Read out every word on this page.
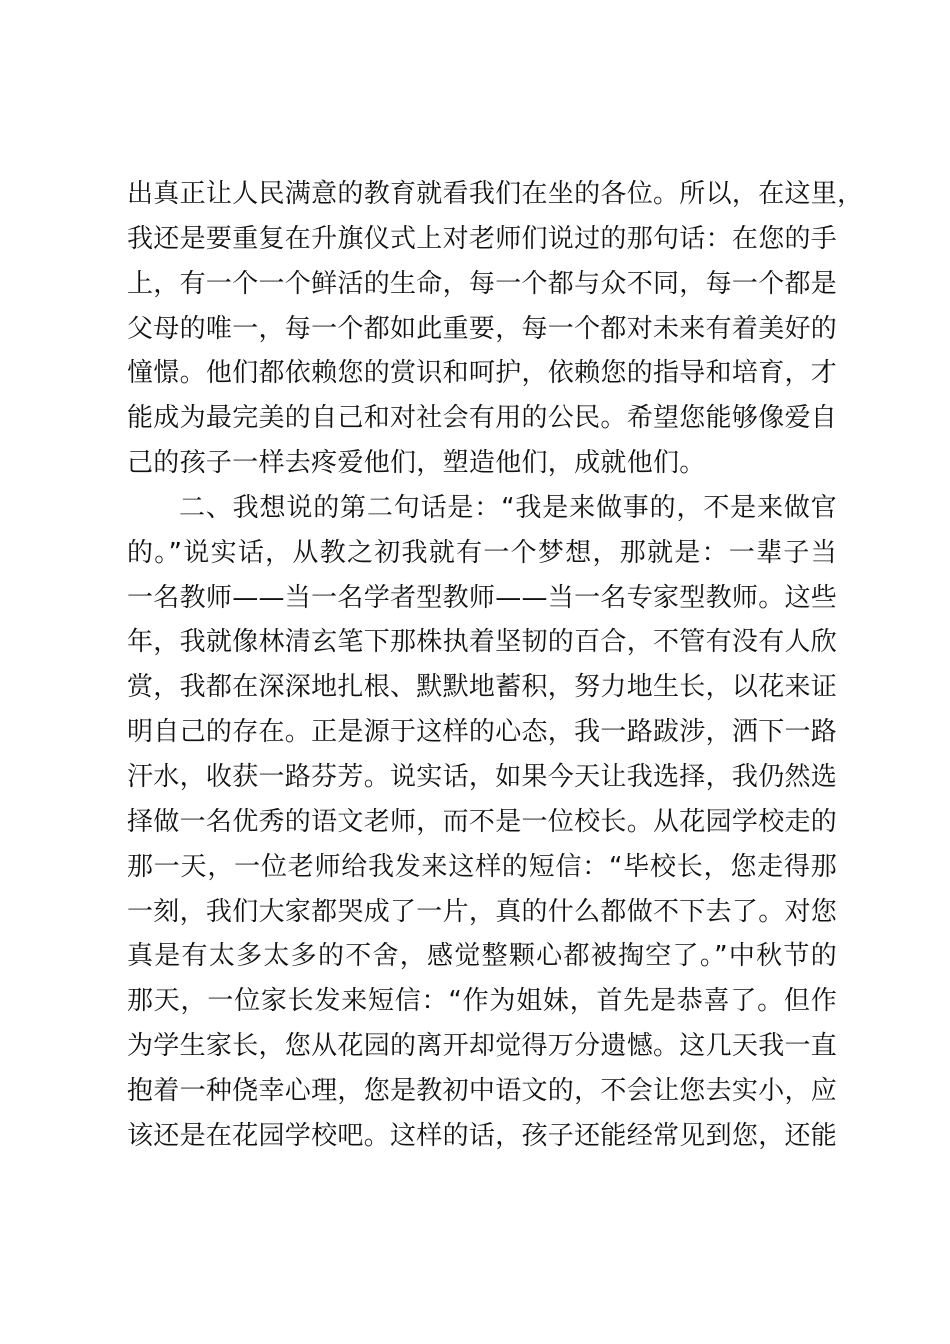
出真正让人民满意的教育就看我们在坐的各位。所以，在这里，
我还是要重复在升旗仪式上对老师们说过的那句话：在您的手
上，有一个一个鲜活的生命，每一个都与众不同，每一个都是
父母的唯一，每一个都如此重要，每一个都对未来有着美好的
憧憬。他们都依赖您的赏识和呵护，依赖您的指导和培育，才
能成为最完美的自己和对社会有用的公民。希望您能够像爱自
己的孩子一样去疼爱他们，塑造他们，成就他们。
二、我想说的第二句话是：“我是来做事的，不是来做官
的。”说实话，从教之初我就有一个梦想，那就是：一辈子当
一名教师——当一名学者型教师——当一名专家型教师。这些
年，我就像林清玄笔下那株执着坚韧的百合，不管有没有人欣
赏，我都在深深地扎根、默默地蓄积，努力地生长，以花来证
明自己的存在。正是源于这样的心态，我一路跋涉，洒下一路
汗水，收获一路芬芳。说实话，如果今天让我选择，我仍然选
择做一名优秀的语文老师，而不是一位校长。从花园学校走的
那一天，一位老师给我发来这样的短信：“毕校长，您走得那
一刻，我们大家都哭成了一片，真的什么都做不下去了。对您
真是有太多太多的不舍，感觉整颗心都被掏空了。”中秋节的
那天，一位家长发来短信：“作为姐妹，首先是恭喜了。但作
为学生家长，您从花园的离开却觉得万分遗憾。这几天我一直
抱着一种侥幸心理，您是教初中语文的，不会让您去实小，应
该还是在花园学校吧。这样的话，孩子还能经常见到您，还能
